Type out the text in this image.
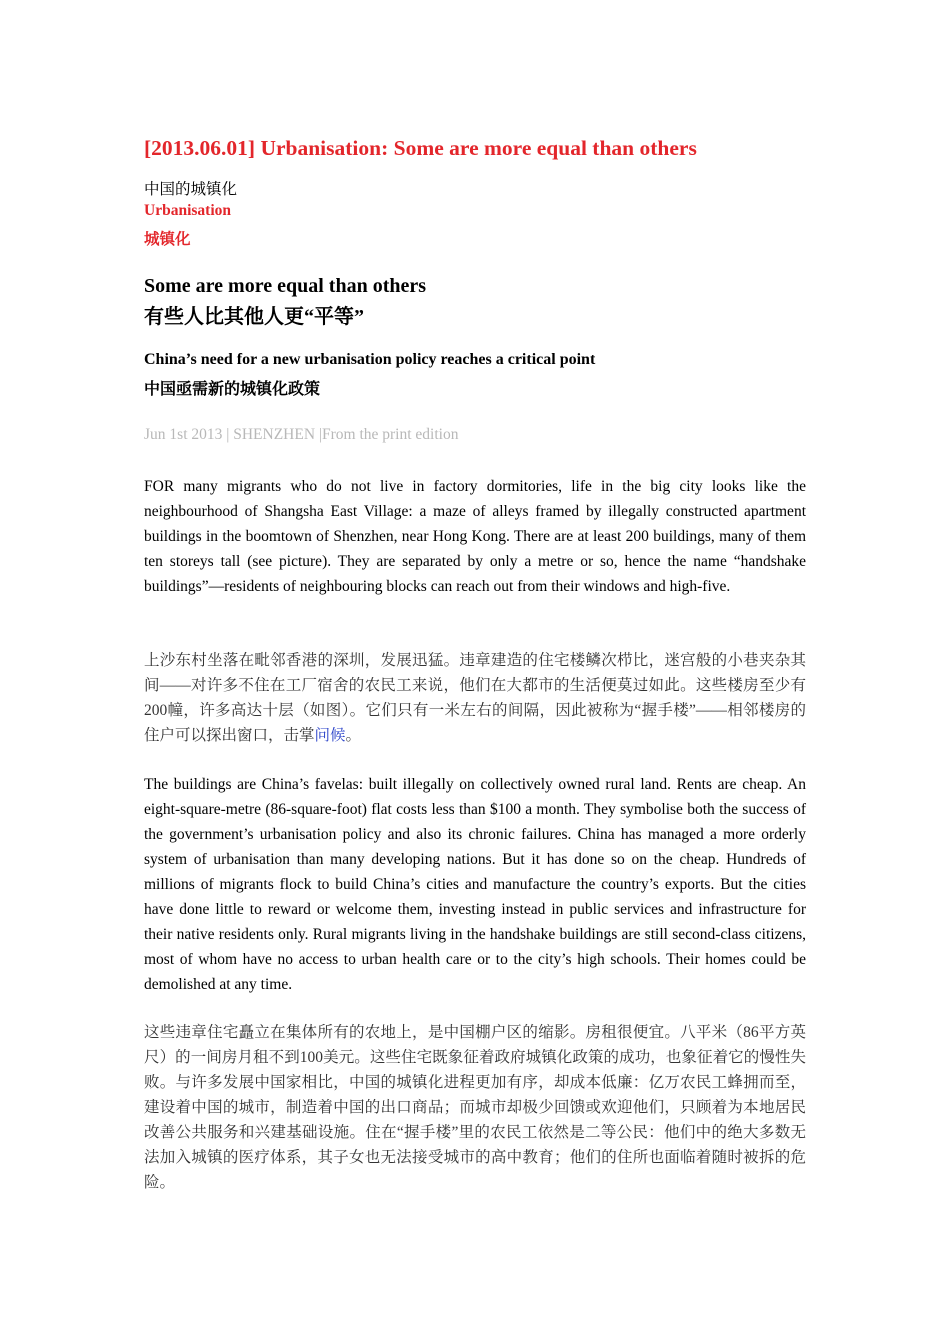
[2013.06.01] Urbanisation: Some are more equal than others

中国的城镇化

Urbanisation

城镇化

Some are more equal than others

有些人比其他人更“平等”

China’s need for a new urbanisation policy reaches a critical point

中国亟需新的城镇化政策

Jun 1st 2013 | SHENZHEN |From the print edition

FOR many migrants who do not live in factory dormitories, life in the big city looks like the neighbourhood of Shangsha East Village: a maze of alleys framed by illegally constructed apartment buildings in the boomtown of Shenzhen, near Hong Kong. There are at least 200 buildings, many of them ten storeys tall (see picture). They are separated by only a metre or so, hence the name “handshake buildings”—residents of neighbouring blocks can reach out from their windows and high-five.

上沙东村坐落在毗邻香港的深圳，发展迅猛。违章建造的住宅楼鳞次栉比，迷宫般的小巷夹杂其间——对许多不住在工厂宿舍的农民工来说，他们在大都市的生活便莫过如此。这些楼房至少有200幢，许多高达十层（如图）。它们只有一米左右的间隔，因此被称为“握手楼”——相邻楼房的住户可以探出窗口，击掌问候。

The buildings are China’s favelas: built illegally on collectively owned rural land. Rents are cheap. An eight-square-metre (86-square-foot) flat costs less than $100 a month. They symbolise both the success of the government’s urbanisation policy and also its chronic failures. China has managed a more orderly system of urbanisation than many developing nations. But it has done so on the cheap. Hundreds of millions of migrants flock to build China’s cities and manufacture the country’s exports. But the cities have done little to reward or welcome them, investing instead in public services and infrastructure for their native residents only. Rural migrants living in the handshake buildings are still second-class citizens, most of whom have no access to urban health care or to the city’s high schools. Their homes could be demolished at any time.

这些违章住宅矗立在集体所有的农地上，是中国棚户区的缩影。房租很便宜。八平米（86平方英尺）的一间房月租不到100美元。这些住宅既象征着政府城镇化政策的成功，也象征着它的慢性失败。与许多发展中国家相比，中国的城镇化进程更加有序，却成本低廉：亿万农民工蜂拥而至，建设着中国的城市，制造着中国的出口商品；而城市却极少回馈或欢迎他们，只顾着为本地居民改善公共服务和兴建基础设施。住在“握手楼”里的农民工依然是二等公民：他们中的绝大多数无法加入城镇的医疗体系，其子女也无法接受城市的高中教育；他们的住所也面临着随时被拆的危险。
